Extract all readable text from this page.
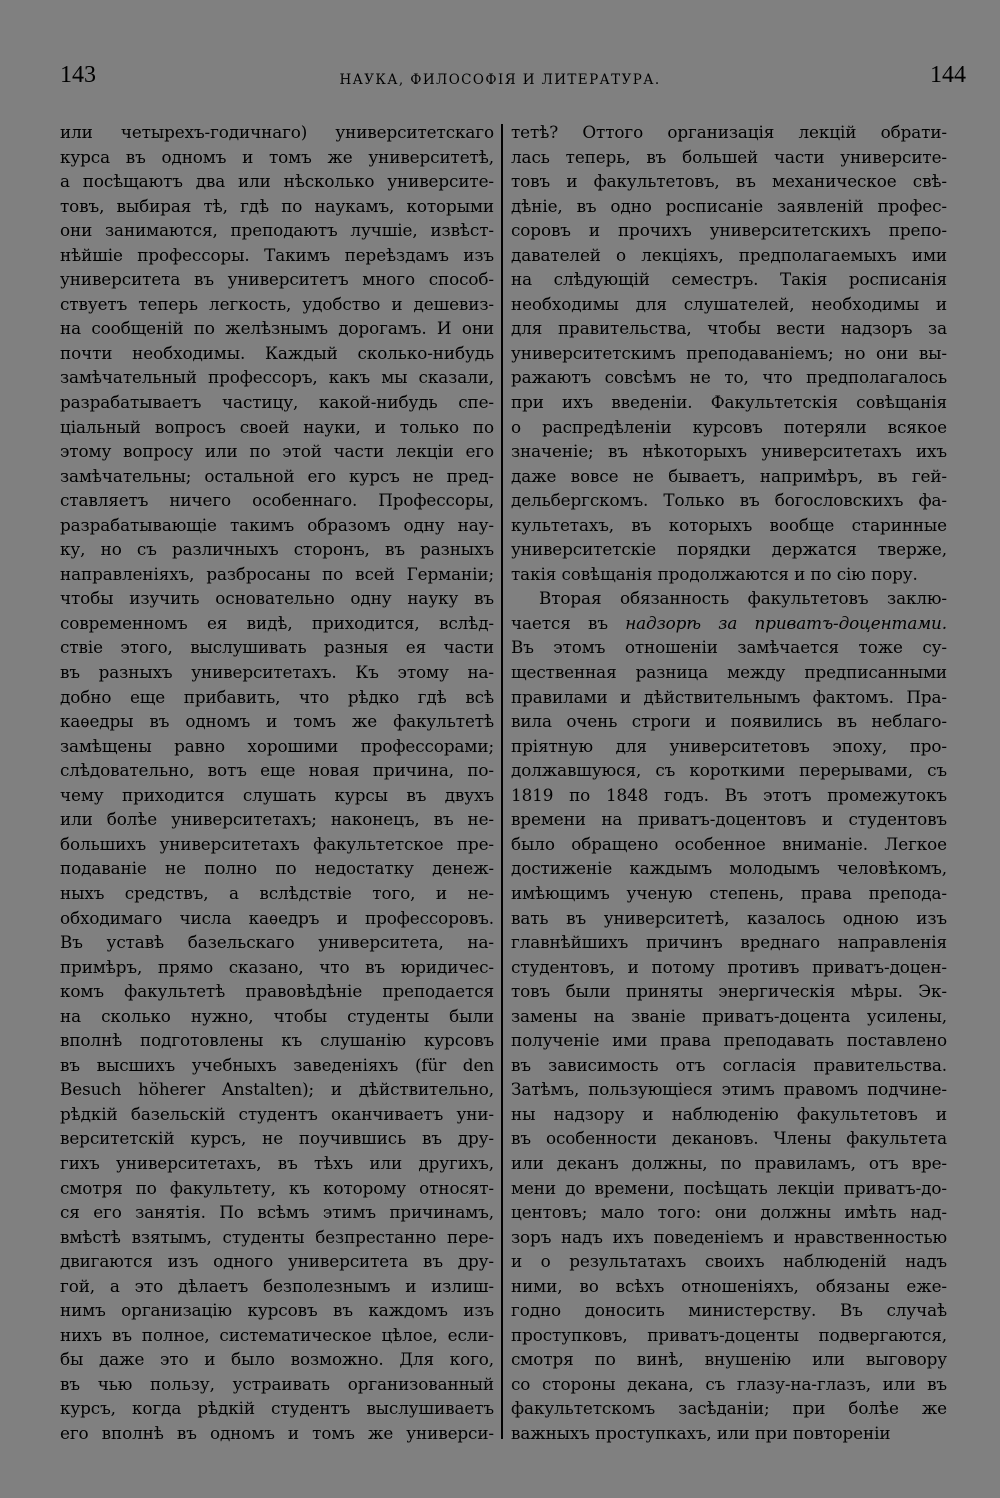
143	НАУКА, ФИЛОСОФІЯ И ЛИТЕРАТУРА.	144
или четырехъ-годичнаго) университетскаго
курса въ одномъ и томъ же университетѣ,
а посѣщаютъ два или нѣсколько университе-
товъ, выбирая тѣ, гдѣ по наукамъ, которыми
они занимаются, преподаютъ лучшіе, извѣст-
нѣйшіе профессоры. Такимъ переѣздамъ изъ
университета въ университетъ много способ-
ствуетъ теперь легкость, удобство и дешевиз-
на сообщеній по желѣзнымъ дорогамъ. И они
почти необходимы. Каждый сколько-нибудь
замѣчательный профессоръ, какъ мы сказали,
разрабатываетъ частицу, какой-нибудь спе-
ціальный вопросъ своей науки, и только по
этому вопросу или по этой части лекціи его
замѣчательны; остальной его курсъ не пред-
ставляетъ ничего особеннаго. Профессоры,
разрабатывающіе такимъ образомъ одну нау-
ку, но съ различныхъ сторонъ, въ разныхъ
направленіяхъ, разбросаны по всей Германіи;
чтобы изучить основательно одну науку въ
современномъ ея видѣ, приходится, вслѣд-
ствіе этого, выслушивать разныя ея части
въ разныхъ университетахъ. Къ этому на-
добно еще прибавить, что рѣдко гдѣ всѣ
каѳедры въ одномъ и томъ же факультетѣ
замѣщены равно хорошими профессорами;
слѣдовательно, вотъ еще новая причина, по-
чему приходится слушать курсы въ двухъ
или болѣе университетахъ; наконецъ, въ не-
большихъ университетахъ факультетское пре-
подаваніе не полно по недостатку денеж-
ныхъ средствъ, а вслѣдствіе того, и не-
обходимаго числа каѳедръ и профессоровъ.
Въ уставѣ базельскаго университета, на-
примѣръ, прямо сказано, что въ юридичес-
комъ факультетѣ правовѣдѣніе преподается
на сколько нужно, чтобы студенты были
вполнѣ подготовлены къ слушанію курсовъ
въ высшихъ учебныхъ заведеніяхъ (für den
Besuch höherer Anstalten); и дѣйствительно,
рѣдкій базельскій студентъ оканчиваетъ уни-
верситетскій курсъ, не поучившись въ дру-
гихъ университетахъ, въ тѣхъ или другихъ,
смотря по факультету, къ которому относят-
ся его занятія. По всѣмъ этимъ причинамъ,
вмѣстѣ взятымъ, студенты безпрестанно пере-
двигаются изъ одного университета въ дру-
гой, а это дѣлаетъ безполезнымъ и излиш-
нимъ организацію курсовъ въ каждомъ изъ
нихъ въ полное, систематическое цѣлое, если-
бы даже это и было возможно. Для кого,
въ чью пользу, устраивать организованный
курсъ, когда рѣдкій студентъ выслушиваетъ
его вполнѣ въ одномъ и томъ же универси-
тетѣ? Оттого организація лекцій обрати-
лась теперь, въ большей части университе-
товъ и факультетовъ, въ механическое свѣ-
дѣніе, въ одно росписаніе заявленій профес-
соровъ и прочихъ университетскихъ препо-
давателей о лекціяхъ, предполагаемыхъ ими
на слѣдующій семестръ. Такія росписанія
необходимы для слушателей, необходимы и
для правительства, чтобы вести надзоръ за
университетскимъ преподаваніемъ; но они вы-
ражаютъ совсѣмъ не то, что предполагалось
при ихъ введеніи. Факультетскія совѣщанія
о распредѣленіи курсовъ потеряли всякое
значеніе; въ нѣкоторыхъ университетахъ ихъ
даже вовсе не бываетъ, напримѣръ, въ гей-
дельбергскомъ. Только въ богословскихъ фа-
культетахъ, въ которыхъ вообще старинные
университетскіе порядки держатся тверже,
такія совѣщанія продолжаются и по сію пору.
Вторая обязанность факультетовъ заклю-
чается въ надзорѣ за приватъ-доцентами.
Въ этомъ отношеніи замѣчается тоже су-
щественная разница между предписанными
правилами и дѣйствительнымъ фактомъ. Пра-
вила очень строги и появились въ неблаго-
пріятную для университетовъ эпоху, про-
должавшуюся, съ короткими перерывами, съ
1819 по 1848 годъ. Въ этотъ промежутокъ
времени на приватъ-доцентовъ и студентовъ
было обращено особенное вниманіе. Легкое
достиженіе каждымъ молодымъ человѣкомъ,
имѣющимъ ученую степень, права препода-
вать въ университетѣ, казалось одною изъ
главнѣйшихъ причинъ вреднаго направленія
студентовъ, и потому противъ приватъ-доцен-
товъ были приняты энергическія мѣры. Эк-
замены на званіе приватъ-доцента усилены,
полученіе ими права преподавать поставлено
въ зависимость отъ согласія правительства.
Затѣмъ, пользующіеся этимъ правомъ подчине-
ны надзору и наблюденію факультетовъ и
въ особенности декановъ. Члены факультета
или деканъ должны, по правиламъ, отъ вре-
мени до времени, посѣщать лекціи приватъ-до-
центовъ; мало того: они должны имѣть над-
зоръ надъ ихъ поведеніемъ и нравственностью
и о результатахъ своихъ наблюденій надъ
ними, во всѣхъ отношеніяхъ, обязаны еже-
годно доносить министерству. Въ случаѣ
проступковъ, приватъ-доценты подвергаются,
смотря по винѣ, внушенію или выговору
со стороны декана, съ глазу-на-глазъ, или въ
факультетскомъ засѣданіи; при болѣе же
важныхъ проступкахъ, или при повтореніи
